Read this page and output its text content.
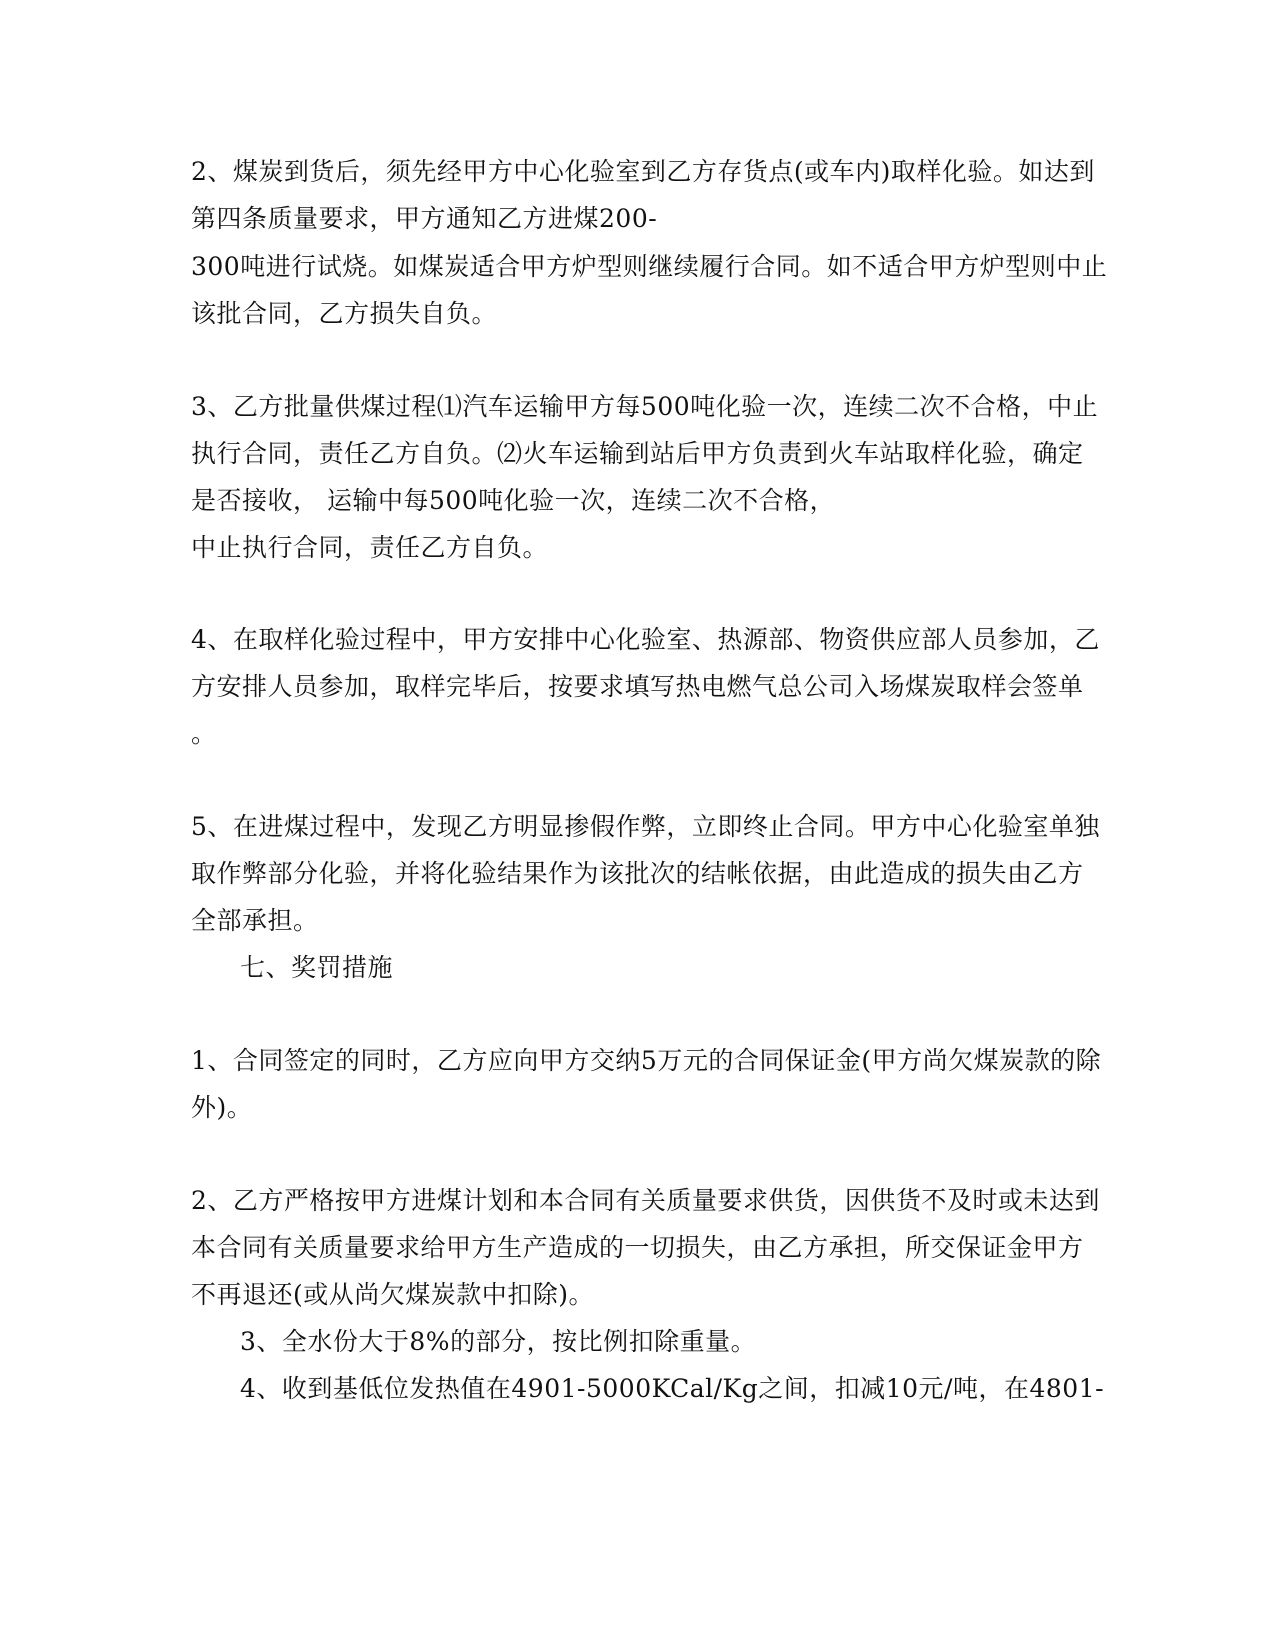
2、煤炭到货后，须先经甲方中心化验室到乙方存货点(或车内)取样化验。如达到
第四条质量要求，甲方通知乙方进煤200-
300吨进行试烧。如煤炭适合甲方炉型则继续履行合同。如不适合甲方炉型则中止
该批合同，乙方损失自负。
3、乙方批量供煤过程⑴汽车运输甲方每500吨化验一次，连续二次不合格，中止
执行合同，责任乙方自负。⑵火车运输到站后甲方负责到火车站取样化验，确定
是否接收， 运输中每500吨化验一次，连续二次不合格，
中止执行合同，责任乙方自负。
4、在取样化验过程中，甲方安排中心化验室、热源部、物资供应部人员参加，乙
方安排人员参加，取样完毕后，按要求填写热电燃气总公司入场煤炭取样会签单
。
5、在进煤过程中，发现乙方明显掺假作弊，立即终止合同。甲方中心化验室单独
取作弊部分化验，并将化验结果作为该批次的结帐依据，由此造成的损失由乙方
全部承担。
七、奖罚措施
1、合同签定的同时，乙方应向甲方交纳5万元的合同保证金(甲方尚欠煤炭款的除
外)。
2、乙方严格按甲方进煤计划和本合同有关质量要求供货，因供货不及时或未达到
本合同有关质量要求给甲方生产造成的一切损失，由乙方承担，所交保证金甲方
不再退还(或从尚欠煤炭款中扣除)。
3、全水份大于8%的部分，按比例扣除重量。
4、收到基低位发热值在4901-5000KCal/Kg之间，扣减10元/吨，在4801-
